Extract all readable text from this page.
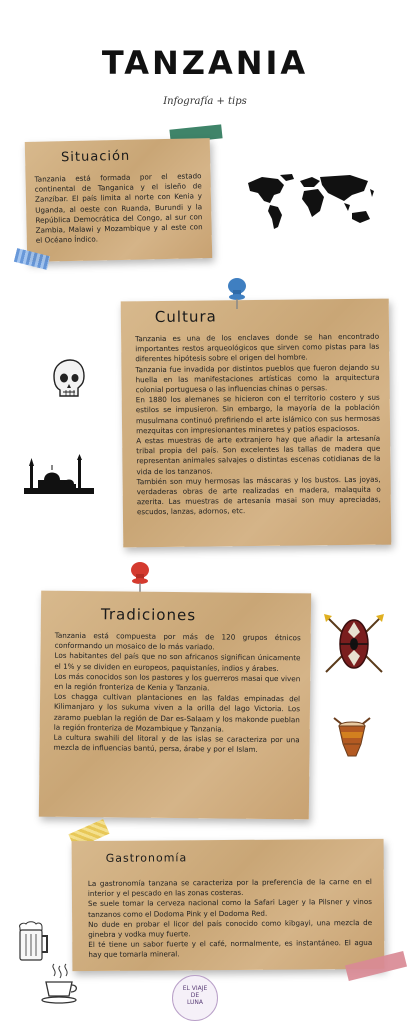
TANZANIA
Infografía + tips
Situación
Tanzania está formada por el estado continental de Tanganica y el isleño de Zanzíbar. El país limita al norte con Kenia y Uganda, al oeste con Ruanda, Burundi y la República Democrática del Congo, al sur con Zambia, Malawi y Mozambique y al este con el Océano Índico.
Cultura

Tanzania es una de los enclaves donde se han encontrado importantes restos arqueológicos que sirven como pistas para las diferentes hipótesis sobre el origen del hombre.

Tanzania fue invadida por distintos pueblos que fueron dejando su huella en las manifestaciones artísticas como la arquitectura colonial portuguesa o las influencias chinas o persas.

En 1880 los alemanes se hicieron con el territorio costero y sus estilos se impusieron. Sin embargo, la mayoría de la población musulmana continuó prefiriendo el arte islámico con sus hermosas mezquitas con impresionantes minaretes y patios espaciosos.

A estas muestras de arte extranjero hay que añadir la artesanía tribal propia del país. Son excelentes las tallas de madera que representan animales salvajes o distintas escenas cotidianas de la vida de los tanzanos.

También son muy hermosas las máscaras y los bustos. Las joyas, verdaderas obras de arte realizadas en madera, malaquita o azerita. Las muestras de artesanía masai son muy apreciadas, escudos, lanzas, adornos, etc.

Tradiciones

Tanzania está compuesta por más de 120 grupos étnicos conformando un mosaico de lo más variado.

Los habitantes del país que no son africanos significan únicamente el 1% y se dividen en europeos, paquistaníes, indios y árabes.

Los más conocidos son los pastores y los guerreros masai que viven en la región fronteriza de Kenia y Tanzania.

Los chagga cultivan plantaciones en las faldas empinadas del Kilimanjaro y los sukuma viven a la orilla del lago Victoria. Los zaramo pueblan la región de Dar es-Salaam y los makonde pueblan la región fronteriza de Mozambique y Tanzania.

La cultura swahili del litoral y de las islas se caracteriza por una mezcla de influencias bantú, persa, árabe y por el Islam.

Gastronomía

La gastronomía tanzana se caracteriza por la preferencia de la carne en el interior y el pescado en las zonas costeras.

Se suele tomar la cerveza nacional como la Safari Lager y la Pilsner y vinos tanzanos como el Dodoma Pink y el Dodoma Red.

No dude en probar el licor del país conocido como kibgayi, una mezcla de ginebra y vodka muy fuerte.

El té tiene un sabor fuerte y el café, normalmente, es instantáneo. El agua hay que tomarla mineral.

EL VIAJE
DE
LUNA
